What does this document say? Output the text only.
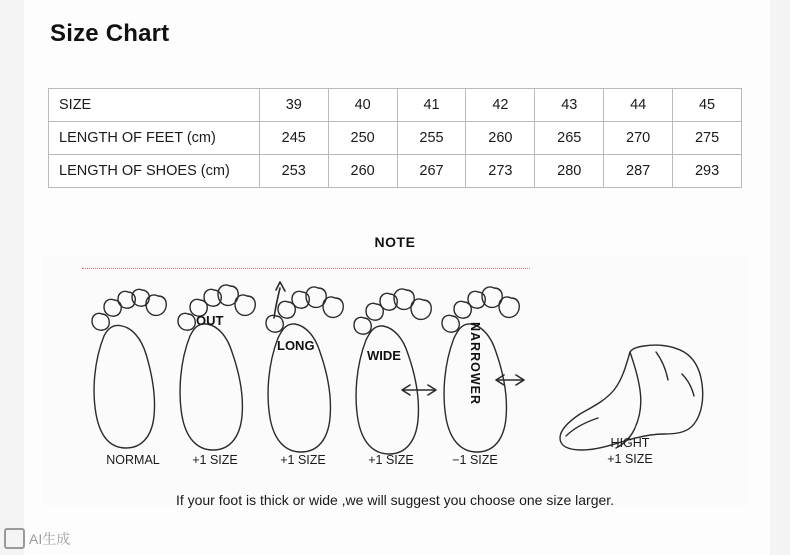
Size Chart
SIZE	39	40	41	42	43	44	45
LENGTH OF FEET (cm)	245	250	255	260	265	270	275
LENGTH OF SHOES (cm)	253	260	267	273	280	287	293
NOTE
OUT
LONG
WIDE	NARROWER
NORMAL	+1 SIZE	+1 SIZE	+1 SIZE	−1 SIZE
HIGHT
+1 SIZE
If your foot is thick or wide ,we will suggest you choose one size larger.
AI生成
